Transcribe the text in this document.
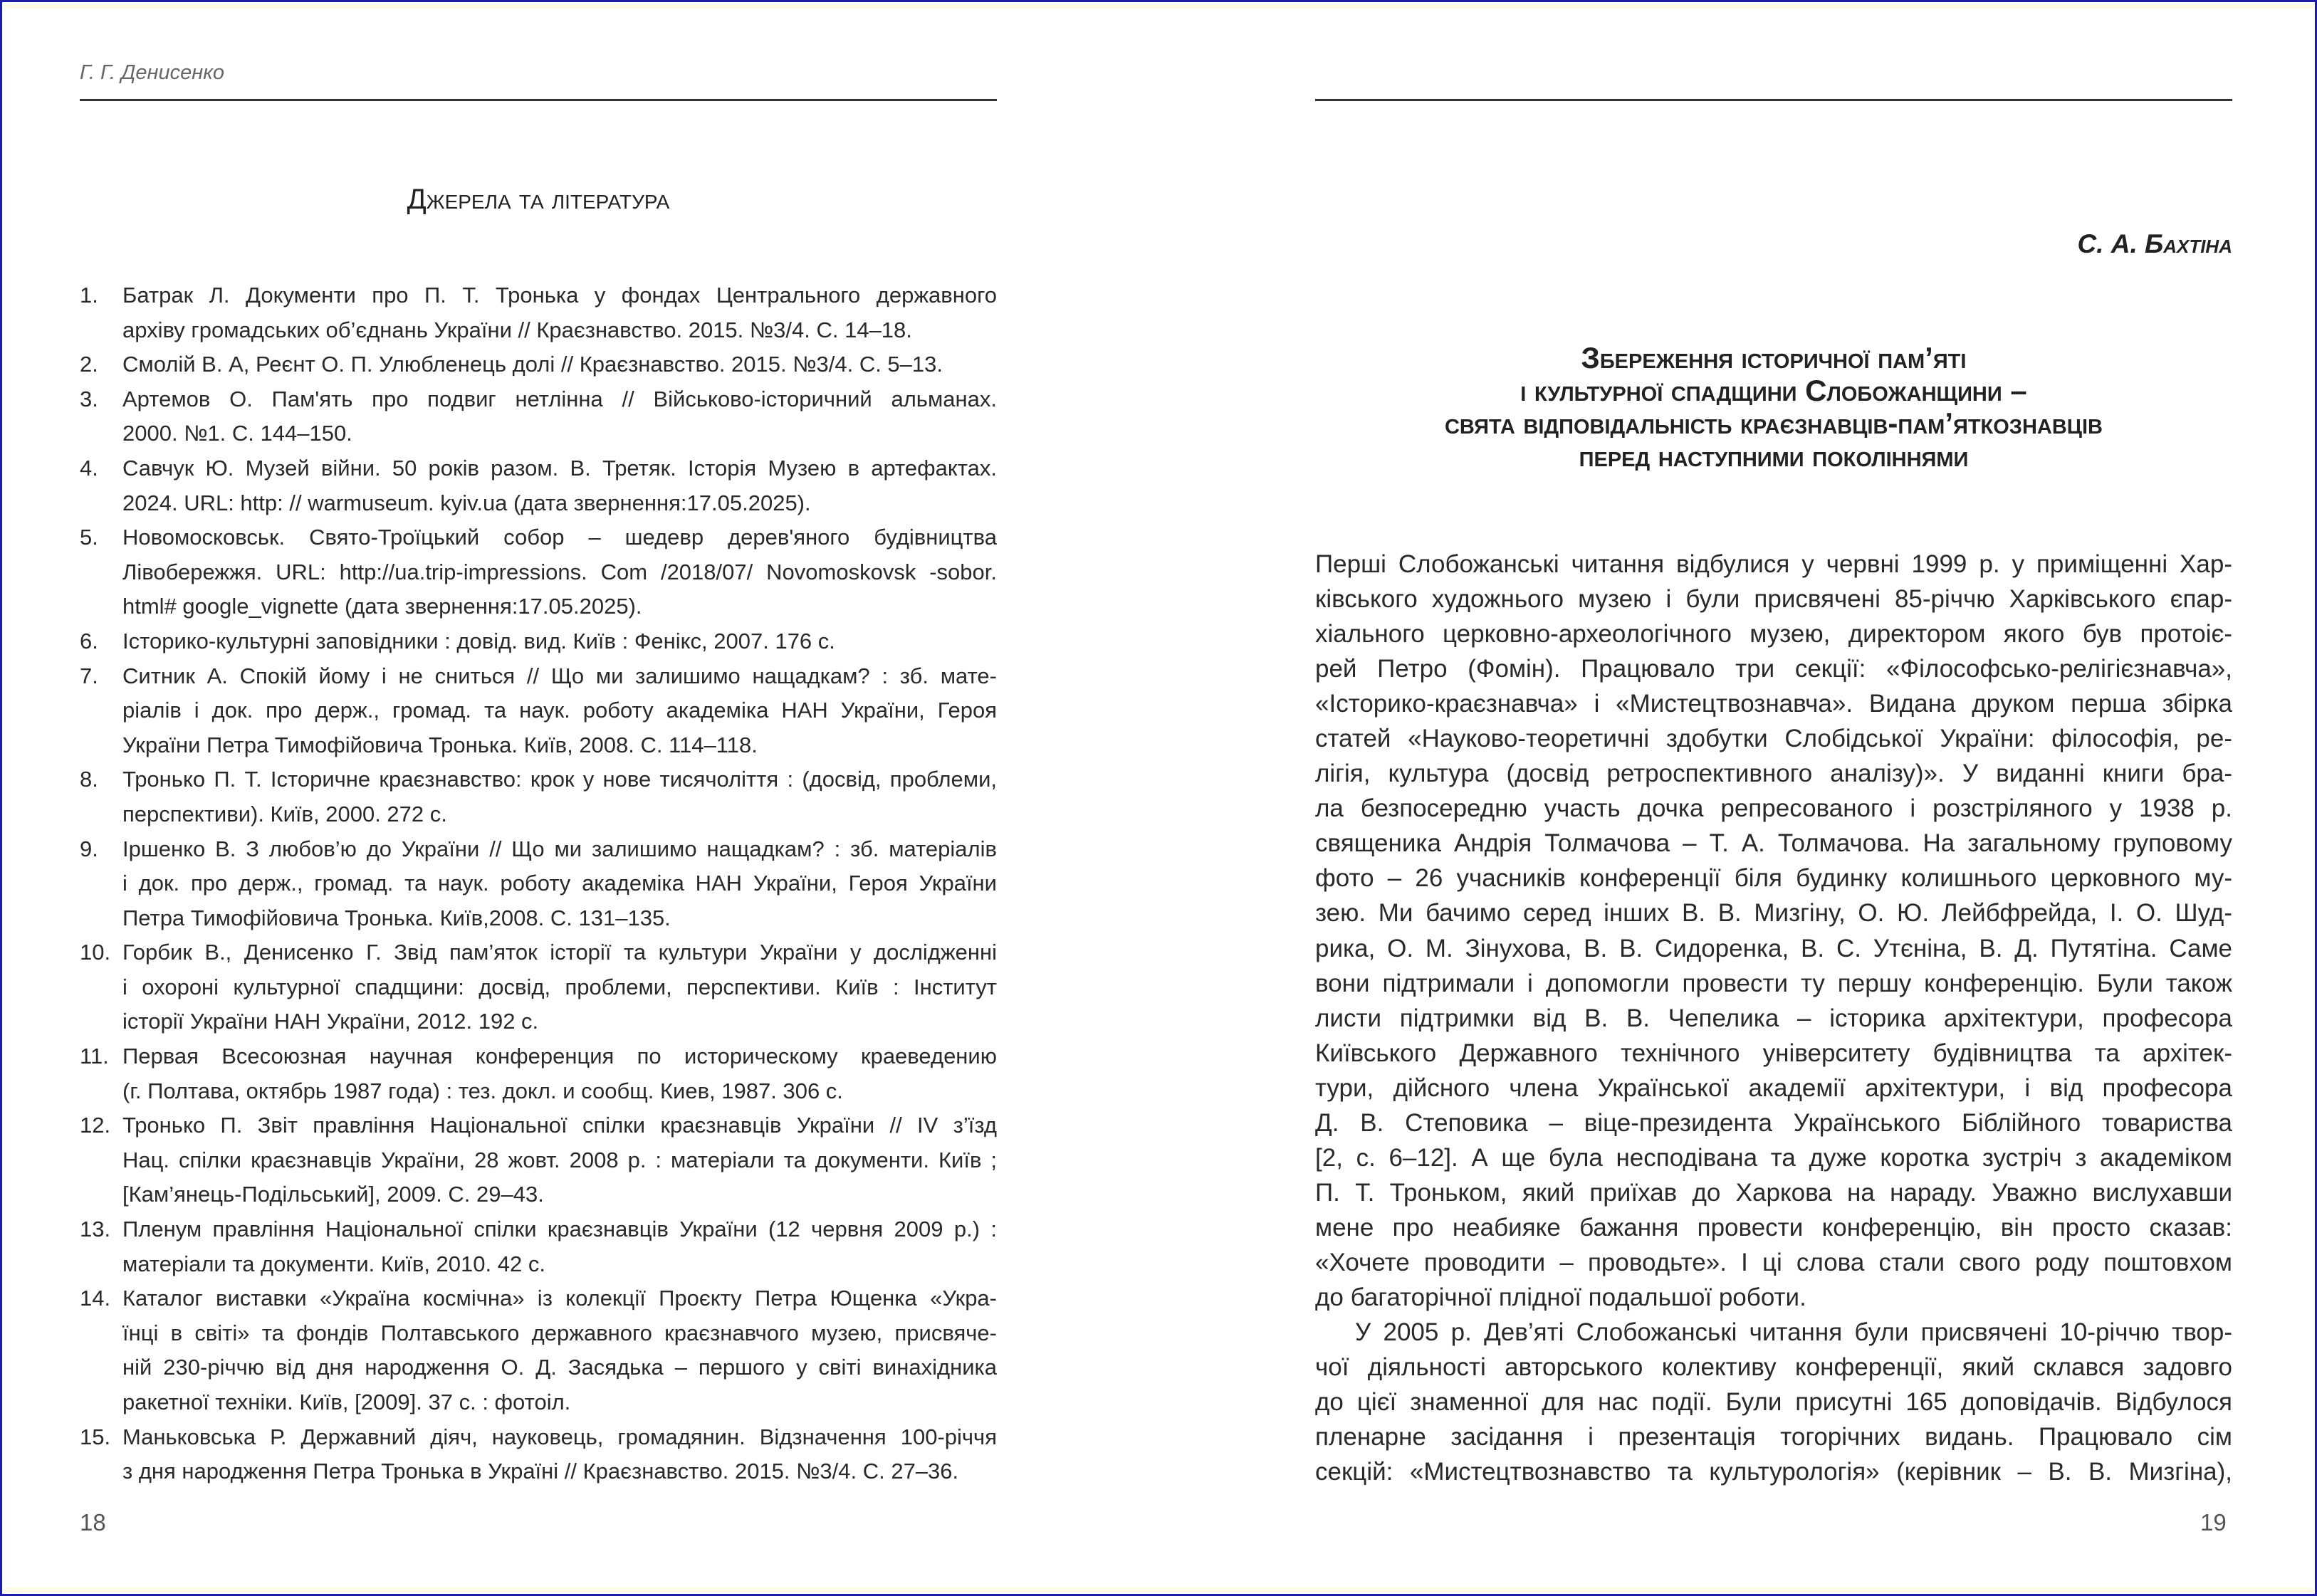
Г. Г. Денисенко
Джерела та література
1. Батрак Л. Документи про П. Т. Тронька у фондах Центрального державного
архіву громадських об’єднань України // Краєзнавство. 2015. №3/4. С. 14–18.
2. Смолій В. А, Реєнт О. П. Улюбленець долі // Краєзнавство. 2015. №3/4. С. 5–13.
3. Артемов О. Пам'ять про подвиг нетлінна // Військово-історичний альманах.
2000. №1. С. 144–150.
4. Савчук Ю. Музей війни. 50 років разом. В. Третяк. Історія Музею в артефактах.
2024. URL: http: // warmuseum. kyiv.ua (дата звернення:17.05.2025).
5. Новомосковськ. Свято-Троїцький собор – шедевр дерев'яного будівництва
Лівобережжя. URL: http://ua.trip-impressions. Com /2018/07/ Novomoskovsk -sobor.
html# google_vignette (дата звернення:17.05.2025).
6. Історико-культурні заповідники : довід. вид. Київ : Фенікс, 2007. 176 с.
7. Ситник А. Спокій йому і не сниться // Що ми залишимо нащадкам? : зб. мате-
ріалів і док. про держ., громад. та наук. роботу академіка НАН України, Героя
України Петра Тимофійовича Тронька. Київ, 2008. С. 114–118.
8. Тронько П. Т. Історичне краєзнавство: крок у нове тисячоліття : (досвід, проблеми,
перспективи). Київ, 2000. 272 с.
9. Іршенко В. З любов’ю до України // Що ми залишимо нащадкам? : зб. матеріалів
і док. про держ., громад. та наук. роботу академіка НАН України, Героя України
Петра Тимофійовича Тронька. Київ,2008. С. 131–135.
10. Горбик В., Денисенко Г. Звід пам’яток історії та культури України у дослідженні
і охороні культурної спадщини: досвід, проблеми, перспективи. Київ : Інститут
історії України НАН України, 2012. 192 с.
11. Первая Всесоюзная научная конференция по историческому краеведению
(г. Полтава, октябрь 1987 года) : тез. докл. и сообщ. Киев, 1987. 306 с.
12. Тронько П. Звіт правління Національної спілки краєзнавців України // IV з’їзд
Нац. спілки краєзнавців України, 28 жовт. 2008 р. : матеріали та документи. Київ ;
[Кам’янець-Подільський], 2009. С. 29–43.
13. Пленум правління Національної спілки краєзнавців України (12 червня 2009 р.) :
матеріали та документи. Київ, 2010. 42 с.
14. Каталог виставки «Україна космічна» із колекції Проєкту Петра Ющенка «Укра-
їнці в світі» та фондів Полтавського державного краєзнавчого музею, присвяче-
ній 230-річчю від дня народження О. Д. Засядька – першого у світі винахідника
ракетної техніки. Київ, [2009]. 37 с. : фотоіл.
15. Маньковська Р. Державний діяч, науковець, громадянин. Відзначення 100-річчя
з дня народження Петра Тронька в Україні // Краєзнавство. 2015. №3/4. С. 27–36.
18
С. А. Бахтіна
Збереження історичної пам’яті
і культурної спадщини Слобожанщини –
свята відповідальність краєзнавців-пам’яткознавців
перед наступними поколіннями
Перші Слобожанські читання відбулися у червні 1999 р. у приміщенні Хар-
ківського художнього музею і були присвячені 85-річчю Харківського єпар-
хіального церковно-археологічного музею, директором якого був протоіє-
рей Петро (Фомін). Працювало три секції: «Філософсько-релігієзнавча»,
«Історико-краєзнавча» і «Мистецтвознавча». Видана друком перша збірка
статей «Науково-теоретичні здобутки Слобідської України: філософія, ре-
лігія, культура (досвід ретроспективного аналізу)». У виданні книги бра-
ла безпосередню участь дочка репресованого і розстріляного у 1938 р.
священика Андрія Толмачова – Т. А. Толмачова. На загальному груповому
фото – 26 учасників конференції біля будинку колишнього церковного му-
зею. Ми бачимо серед інших В. В. Мизгіну, О. Ю. Лейбфрейда, І. О. Шуд-
рика, О. М. Зінухова, В. В. Сидоренка, В. С. Утєніна, В. Д. Путятіна. Саме
вони підтримали і допомогли провести ту першу конференцію. Були також
листи підтримки від В. В. Чепелика – історика архітектури, професора
Київського Державного технічного університету будівництва та архітек-
тури, дійсного члена Української академії архітектури, і від професора
Д. В. Степовика – віце-президента Українського Біблійного товариства
[2, с. 6–12]. А ще була несподівана та дуже коротка зустріч з академіком
П. Т. Троньком, який приїхав до Харкова на нараду. Уважно вислухавши
мене про неабияке бажання провести конференцію, він просто сказав:
«Хочете проводити – проводьте». І ці слова стали свого роду поштовхом
до багаторічної плідної подальшої роботи.
У 2005 р. Дев’яті Слобожанські читання були присвячені 10-річчю твор-
чої діяльності авторського колективу конференції, який склався задовго
до цієї знаменної для нас події. Були присутні 165 доповідачів. Відбулося
пленарне засідання і презентація тогорічних видань. Працювало сім
секцій: «Мистецтвознавство та культурологія» (керівник – В. В. Мизгіна),
19
